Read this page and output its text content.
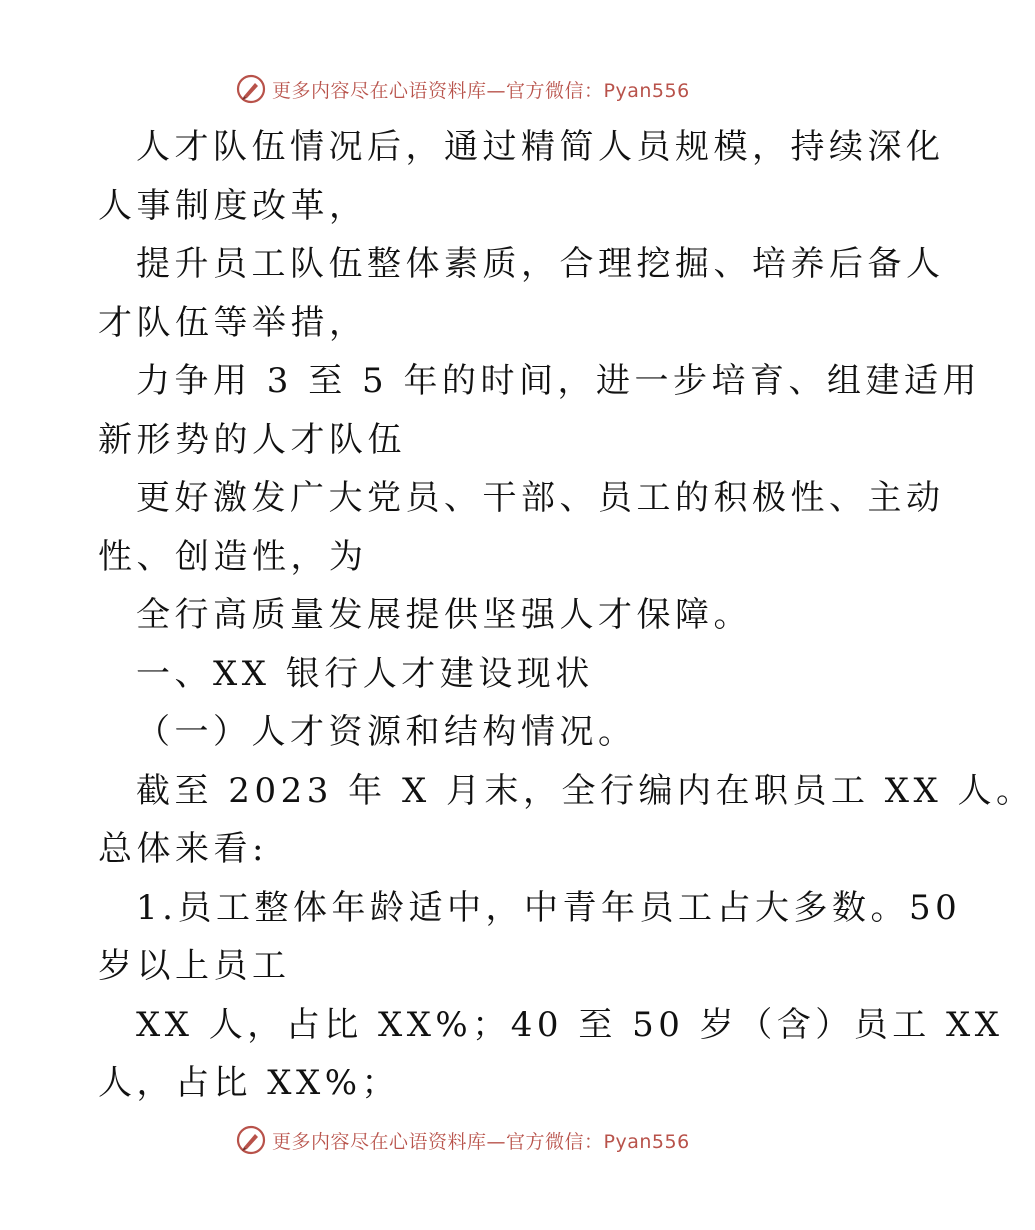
更多内容尽在心语资料库—官方微信：Pyan556
人才队伍情况后，通过精简人员规模，持续深化
人事制度改革，
提升员工队伍整体素质，合理挖掘、培养后备人
才队伍等举措，
力争用 3 至 5 年的时间，进一步培育、组建适用
新形势的人才队伍
更好激发广大党员、干部、员工的积极性、主动
性、创造性，为
全行高质量发展提供坚强人才保障。
一、XX 银行人才建设现状
（一）人才资源和结构情况。
截至 2023 年 X 月末，全行编内在职员工 XX 人。
总体来看:
1.员工整体年龄适中，中青年员工占大多数。50
岁以上员工
XX 人，占比 XX%；40 至 50 岁（含）员工 XX
人，占比 XX%；
更多内容尽在心语资料库—官方微信：Pyan556
